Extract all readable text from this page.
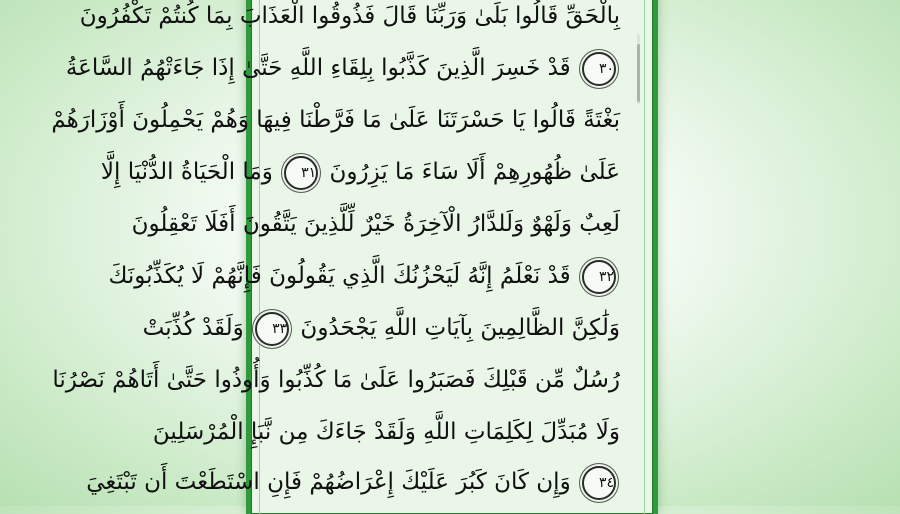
بِالْحَقِّ قَالُوا بَلَىٰ وَرَبِّنَا قَالَ فَذُوقُوا الْعَذَابَ بِمَا كُنتُمْ تَكْفُرُونَ
٣٠ قَدْ خَسِرَ الَّذِينَ كَذَّبُوا بِلِقَاءِ اللَّهِ حَتَّىٰ إِذَا جَاءَتْهُمُ السَّاعَةُ
بَغْتَةً قَالُوا يَا حَسْرَتَنَا عَلَىٰ مَا فَرَّطْنَا فِيهَا وَهُمْ يَحْمِلُونَ أَوْزَارَهُمْ
عَلَىٰ ظُهُورِهِمْ أَلَا سَاءَ مَا يَزِرُونَ ٣١ وَمَا الْحَيَاةُ الدُّنْيَا إِلَّا
لَعِبٌ وَلَهْوٌ وَلَلدَّارُ الْآخِرَةُ خَيْرٌ لِّلَّذِينَ يَتَّقُونَ أَفَلَا تَعْقِلُونَ
٣٢ قَدْ نَعْلَمُ إِنَّهُ لَيَحْزُنُكَ الَّذِي يَقُولُونَ فَإِنَّهُمْ لَا يُكَذِّبُونَكَ
وَلَٰكِنَّ الظَّالِمِينَ بِآيَاتِ اللَّهِ يَجْحَدُونَ ٣٣ وَلَقَدْ كُذِّبَتْ
رُسُلٌ مِّن قَبْلِكَ فَصَبَرُوا عَلَىٰ مَا كُذِّبُوا وَأُوذُوا حَتَّىٰ أَتَاهُمْ نَصْرُنَا
وَلَا مُبَدِّلَ لِكَلِمَاتِ اللَّهِ وَلَقَدْ جَاءَكَ مِن نَّبَإِ الْمُرْسَلِينَ
٣٤ وَإِن كَانَ كَبُرَ عَلَيْكَ إِعْرَاضُهُمْ فَإِنِ اسْتَطَعْتَ أَن تَبْتَغِيَ
